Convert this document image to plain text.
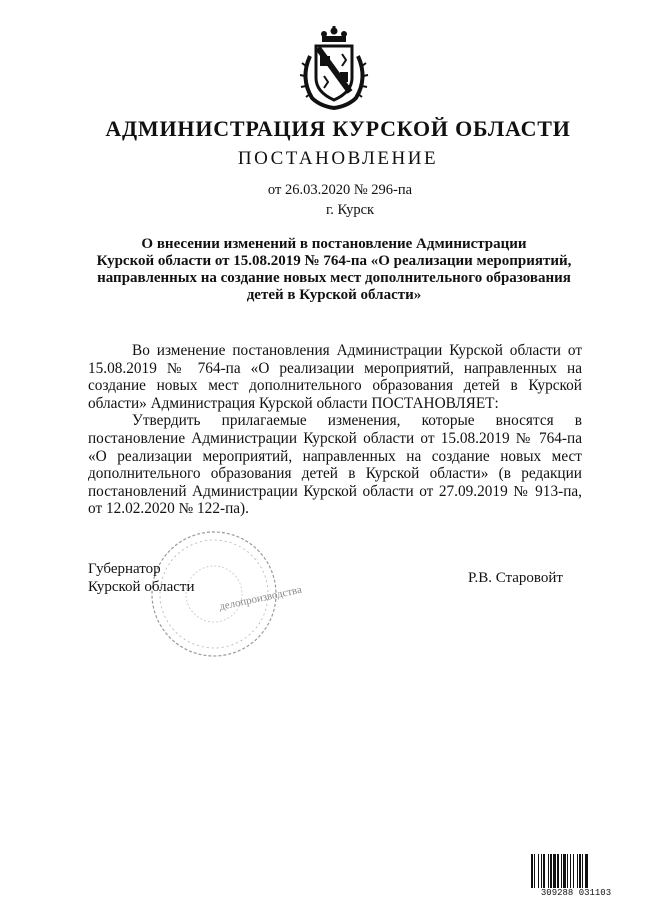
АДМИНИСТРАЦИЯ КУРСКОЙ ОБЛАСТИ
ПОСТАНОВЛЕНИЕ
от 26.03.2020 № 296-па
г. Курск
О внесении изменений в постановление Администрации
Курской области от 15.08.2019 № 764-па «О реализации мероприятий,
направленных на создание новых мест дополнительного образования
детей в Курской области»

Во изменение постановления Администрации Курской области от 15.08.2019 № 764-па «О реализации мероприятий, направленных на создание новых мест дополнительного образования детей в Курской области» Администрация Курской области ПОСТАНОВЛЯЕТ:

Утвердить прилагаемые изменения, которые вносятся в постановление Администрации Курской области от 15.08.2019 № 764-па «О реализации мероприятий, направленных на создание новых мест дополнительного образования детей в Курской области» (в редакции постановлений Администрации Курской области от 27.09.2019 № 913-па, от 12.02.2020 № 122-па).

делопроизводства
Губернатор
Курской области
Р.В. Старовойт
309288 031103
